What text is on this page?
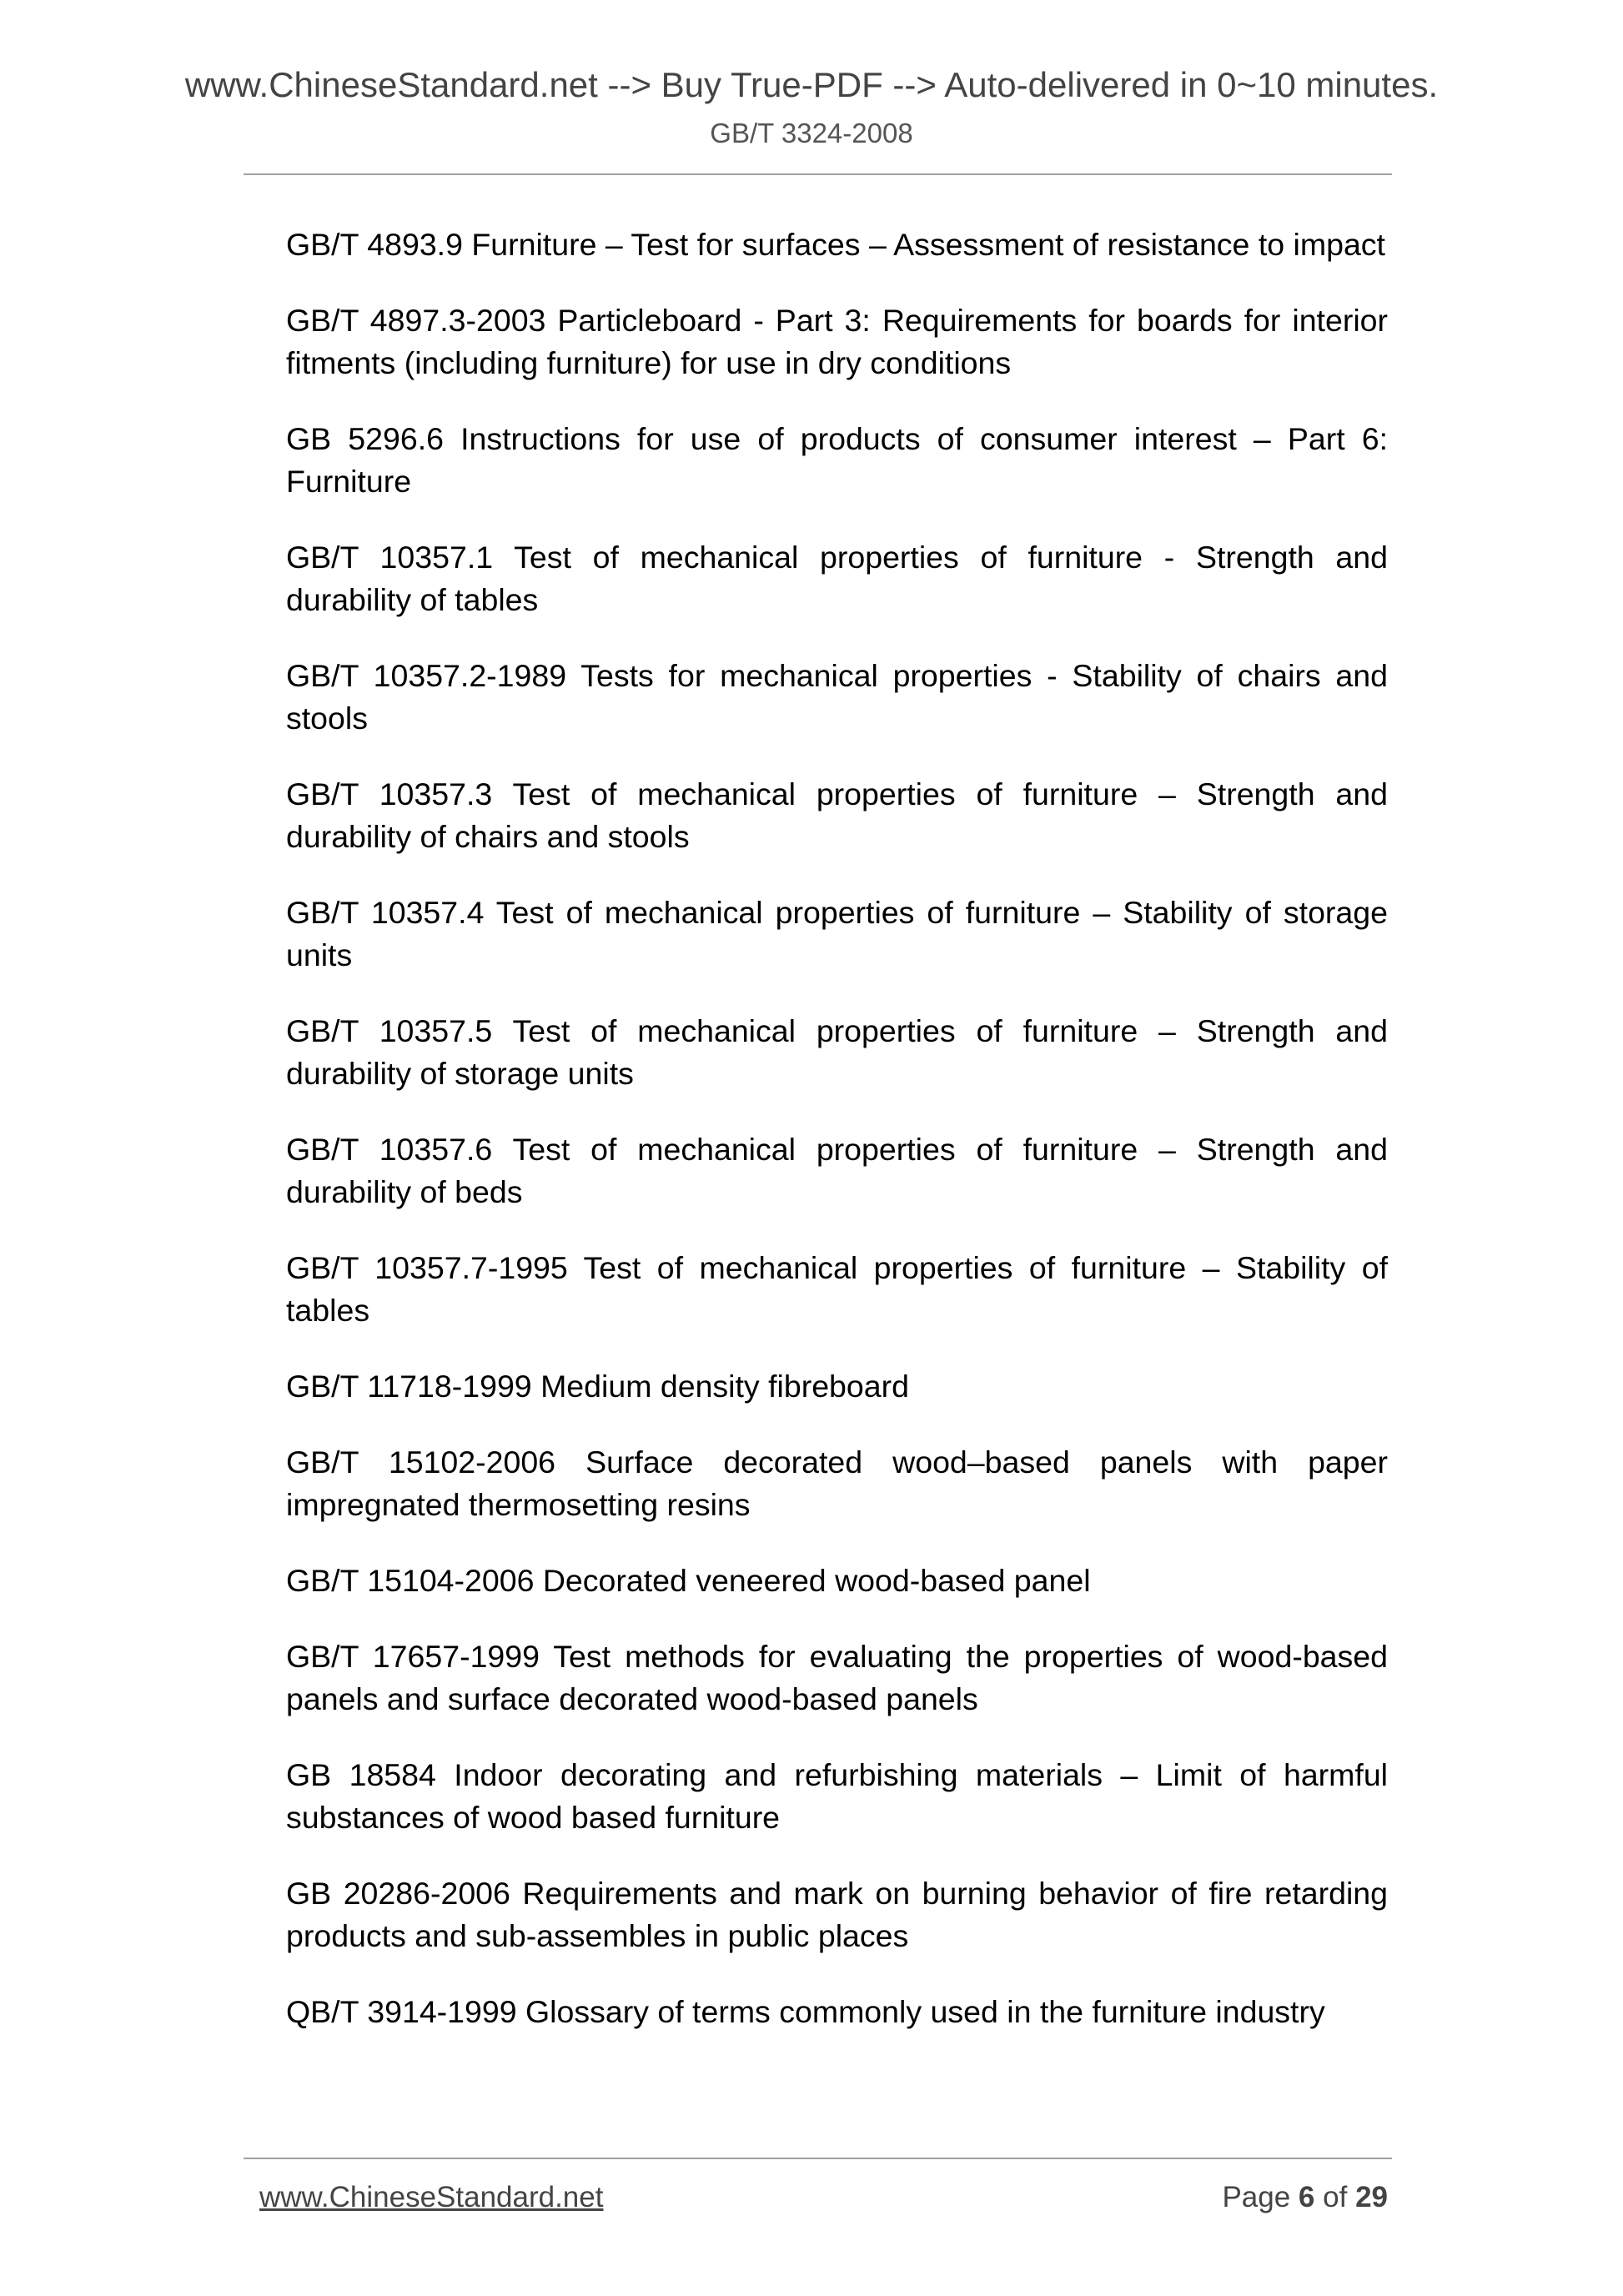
www.ChineseStandard.net --> Buy True-PDF --> Auto-delivered in 0~10 minutes.
GB/T 3324-2008

GB/T 4893.9 Furniture – Test for surfaces – Assessment of resistance to impact

GB/T 4897.3-2003 Particleboard - Part 3: Requirements for boards for interior fitments (including furniture) for use in dry conditions

GB 5296.6 Instructions for use of products of consumer interest – Part 6: Furniture

GB/T 10357.1 Test of mechanical properties of furniture - Strength and durability of tables

GB/T 10357.2-1989 Tests for mechanical properties - Stability of chairs and stools

GB/T 10357.3 Test of mechanical properties of furniture – Strength and durability of chairs and stools

GB/T 10357.4 Test of mechanical properties of furniture – Stability of storage units

GB/T 10357.5 Test of mechanical properties of furniture – Strength and durability of storage units

GB/T 10357.6 Test of mechanical properties of furniture – Strength and durability of beds

GB/T 10357.7-1995 Test of mechanical properties of furniture – Stability of tables

GB/T 11718-1999 Medium density fibreboard

GB/T 15102-2006 Surface decorated wood–based panels with paper impregnated thermosetting resins

GB/T 15104-2006 Decorated veneered wood-based panel

GB/T 17657-1999 Test methods for evaluating the properties of wood-based panels and surface decorated wood-based panels

GB 18584 Indoor decorating and refurbishing materials – Limit of harmful substances of wood based furniture

GB 20286-2006 Requirements and mark on burning behavior of fire retarding products and sub-assembles in public places

QB/T 3914-1999 Glossary of terms commonly used in the furniture industry

www.ChineseStandard.net	Page 6 of 29
